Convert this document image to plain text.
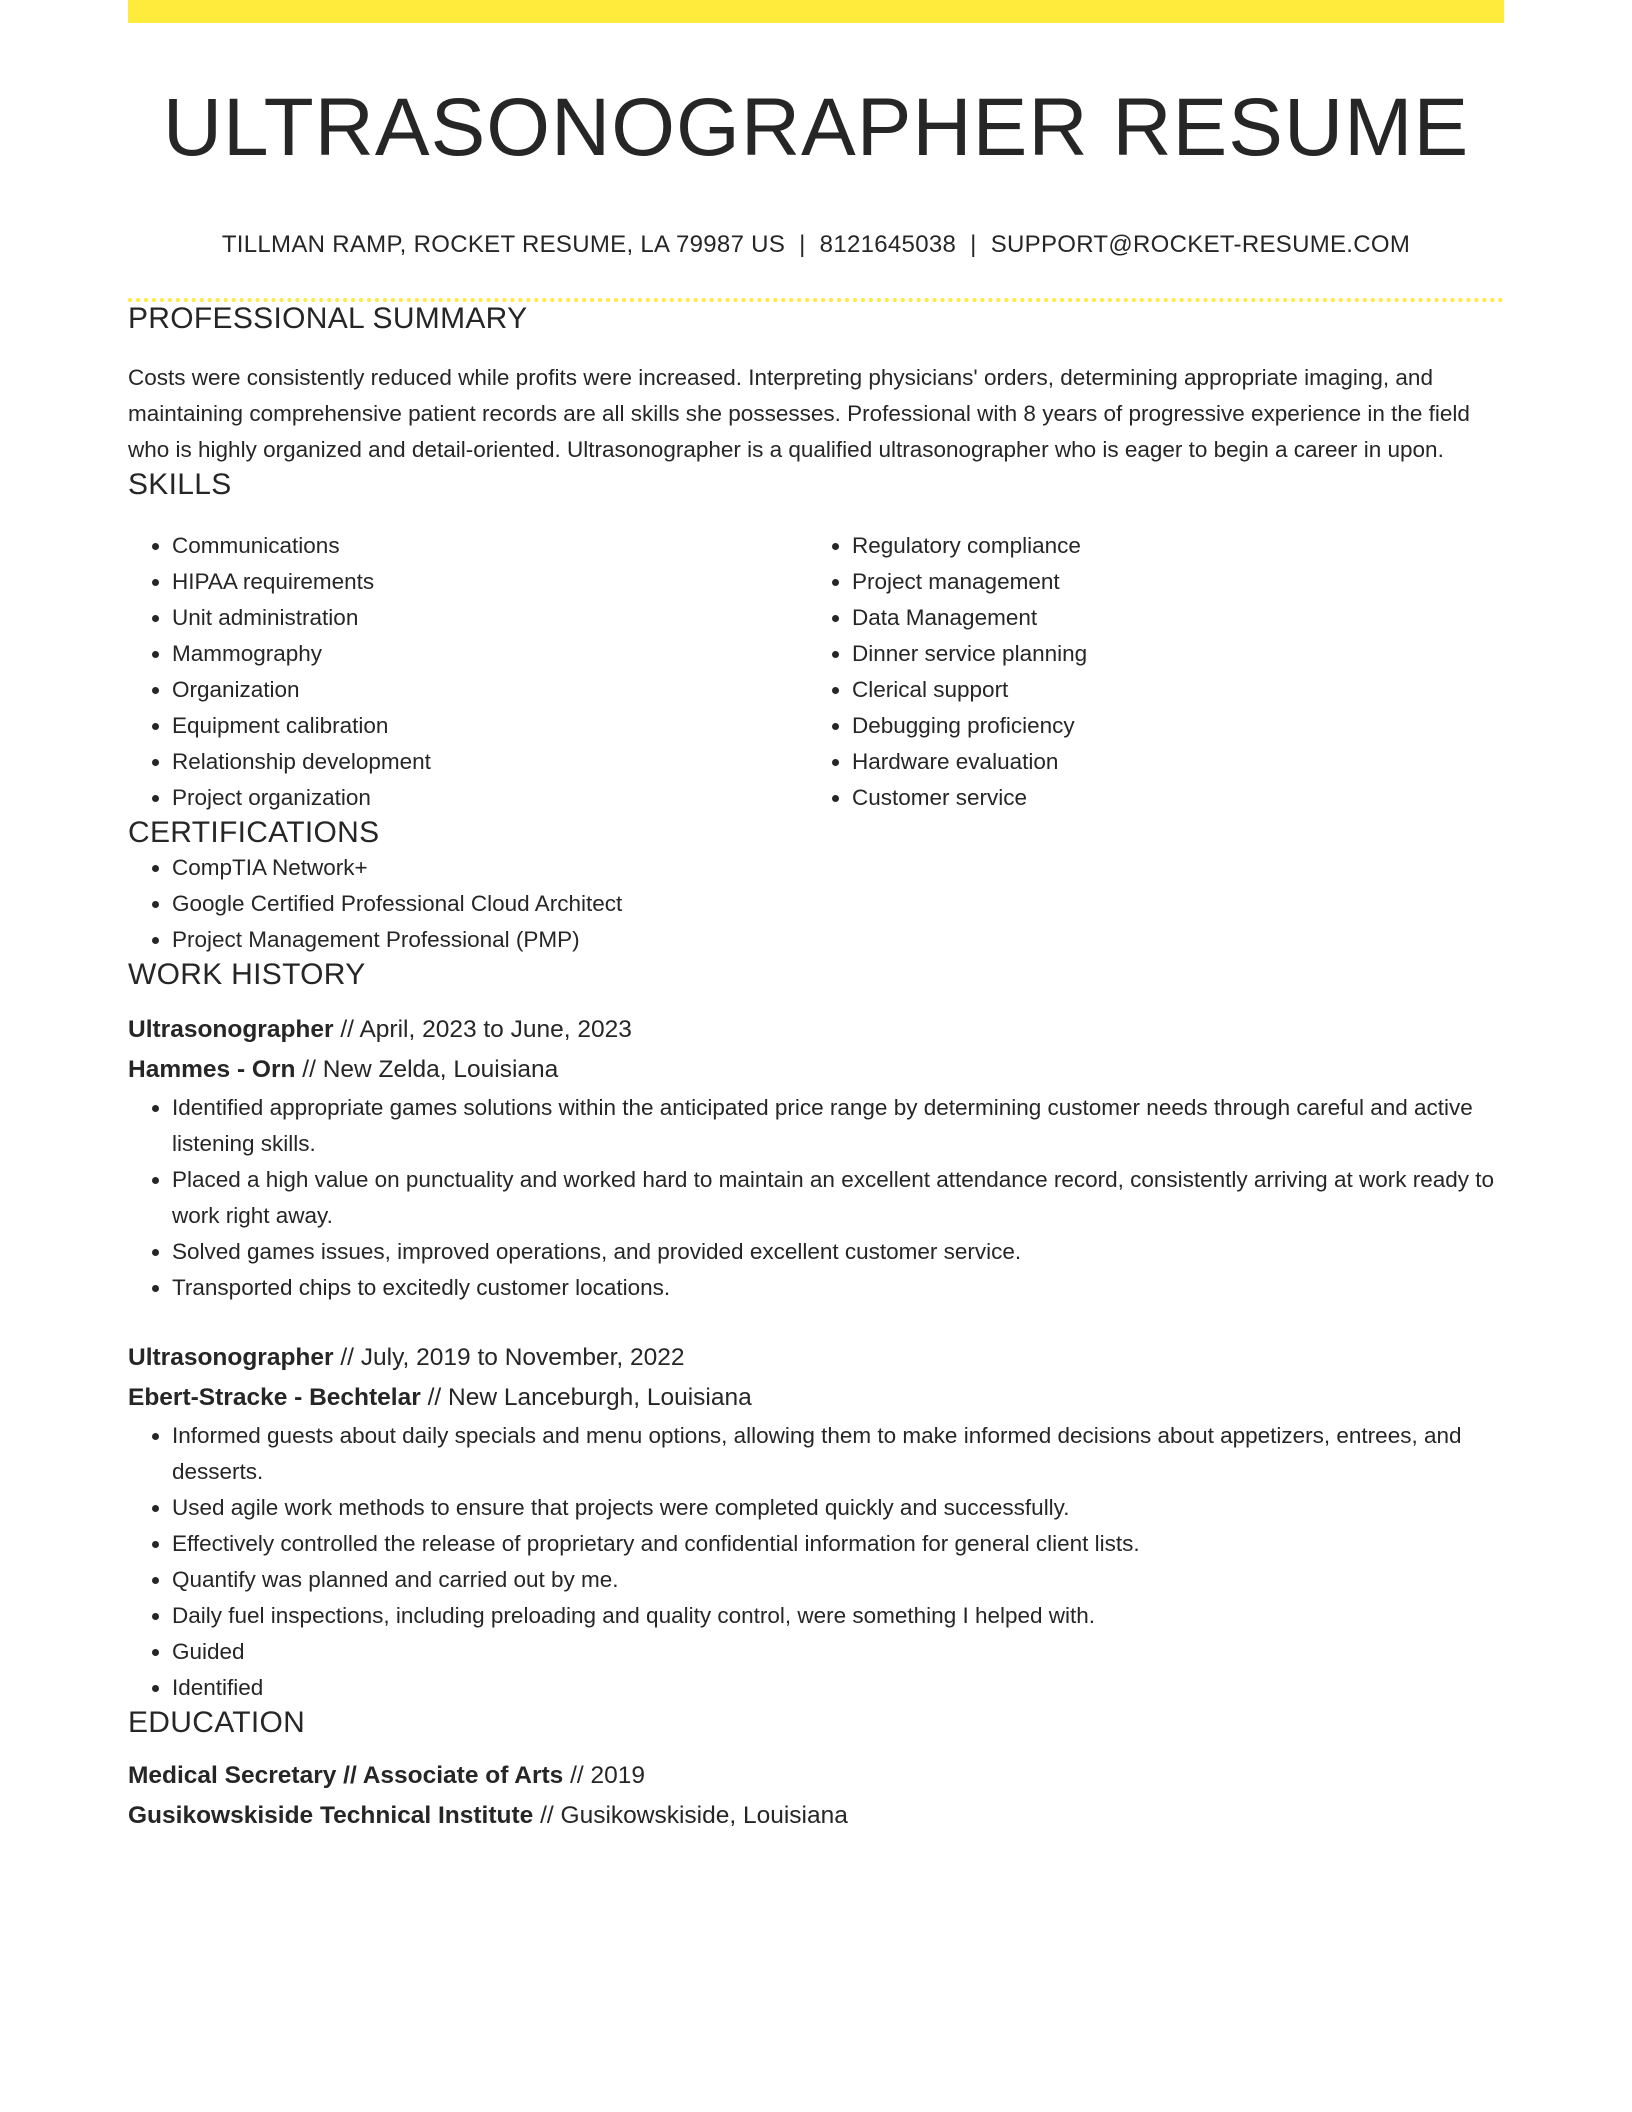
ULTRASONOGRAPHER RESUME
TILLMAN RAMP, ROCKET RESUME, LA 79987 US | 8121645038 | SUPPORT@ROCKET-RESUME.COM
PROFESSIONAL SUMMARY
Costs were consistently reduced while profits were increased. Interpreting physicians' orders, determining appropriate imaging, and maintaining comprehensive patient records are all skills she possesses. Professional with 8 years of progressive experience in the field who is highly organized and detail-oriented. Ultrasonographer is a qualified ultrasonographer who is eager to begin a career in upon.
SKILLS
• Communications
• HIPAA requirements
• Unit administration
• Mammography
• Organization
• Equipment calibration
• Relationship development
• Project organization
• Regulatory compliance
• Project management
• Data Management
• Dinner service planning
• Clerical support
• Debugging proficiency
• Hardware evaluation
• Customer service
CERTIFICATIONS
• CompTIA Network+
• Google Certified Professional Cloud Architect
• Project Management Professional (PMP)
WORK HISTORY
Ultrasonographer // April, 2023 to June, 2023
Hammes - Orn // New Zelda, Louisiana
• Identified appropriate games solutions within the anticipated price range by determining customer needs through careful and active listening skills.
• Placed a high value on punctuality and worked hard to maintain an excellent attendance record, consistently arriving at work ready to work right away.
• Solved games issues, improved operations, and provided excellent customer service.
• Transported chips to excitedly customer locations.
Ultrasonographer // July, 2019 to November, 2022
Ebert-Stracke - Bechtelar // New Lanceburgh, Louisiana
• Informed guests about daily specials and menu options, allowing them to make informed decisions about appetizers, entrees, and desserts.
• Used agile work methods to ensure that projects were completed quickly and successfully.
• Effectively controlled the release of proprietary and confidential information for general client lists.
• Quantify was planned and carried out by me.
• Daily fuel inspections, including preloading and quality control, were something I helped with.
• Guided
• Identified
EDUCATION
Medical Secretary // Associate of Arts // 2019
Gusikowskiside Technical Institute // Gusikowskiside, Louisiana
